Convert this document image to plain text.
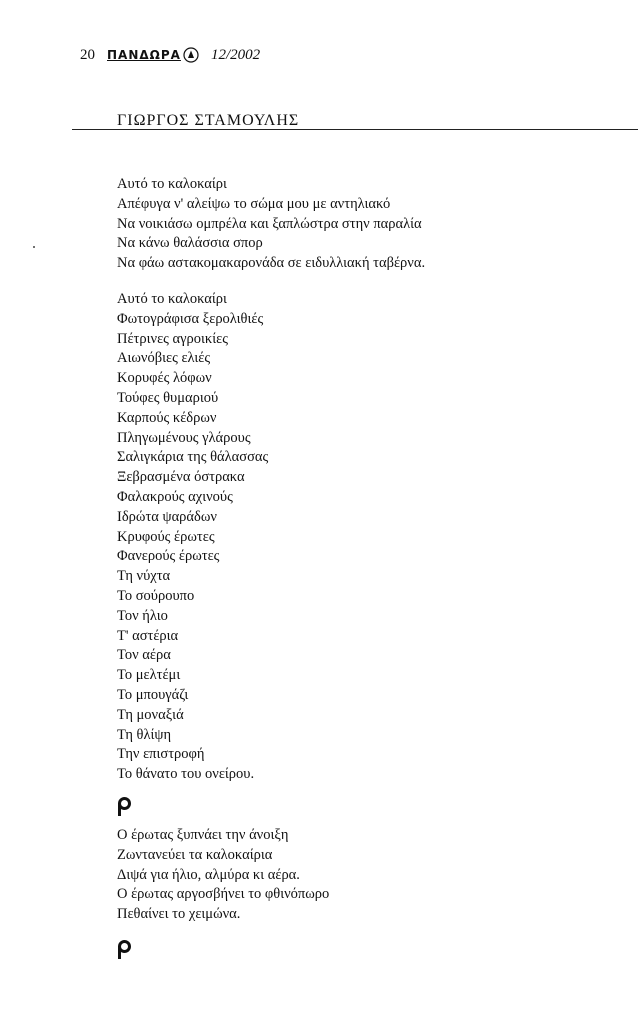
20 ΠΑΝΔΩΡΑ 12/2002
ΓΙΩΡΓΟΣ ΣΤΑΜΟΥΛΗΣ
Αυτό το καλοκαίρι
Απέφυγα ν' αλείψω το σώμα μου με αντηλιακό
Να νοικιάσω ομπρέλα και ξαπλώστρα στην παραλία
Να κάνω θαλάσσια σπορ
Να φάω αστακομακαρονάδα σε ειδυλλιακή ταβέρνα.
Αυτό το καλοκαίρι
Φωτογράφισα ξερολιθιές
Πέτρινες αγροικίες
Αιωνόβιες ελιές
Κορυφές λόφων
Τούφες θυμαριού
Καρπούς κέδρων
Πληγωμένους γλάρους
Σαλιγκάρια της θάλασσας
Ξεβρασμένα όστρακα
Φαλακρούς αχινούς
Ιδρώτα ψαράδων
Κρυφούς έρωτες
Φανερούς έρωτες
Τη νύχτα
Το σούρουπο
Τον ήλιο
Τ' αστέρια
Τον αέρα
Το μελτέμι
Το μπουγάζι
Τη μοναξιά
Τη θλίψη
Την επιστροφή
Το θάνατο του ονείρου.
Ο έρωτας ξυπνάει την άνοιξη
Ζωντανεύει τα καλοκαίρια
Διψά για ήλιο, αλμύρα κι αέρα.
Ο έρωτας αργοσβήνει το φθινόπωρο
Πεθαίνει το χειμώνα.
